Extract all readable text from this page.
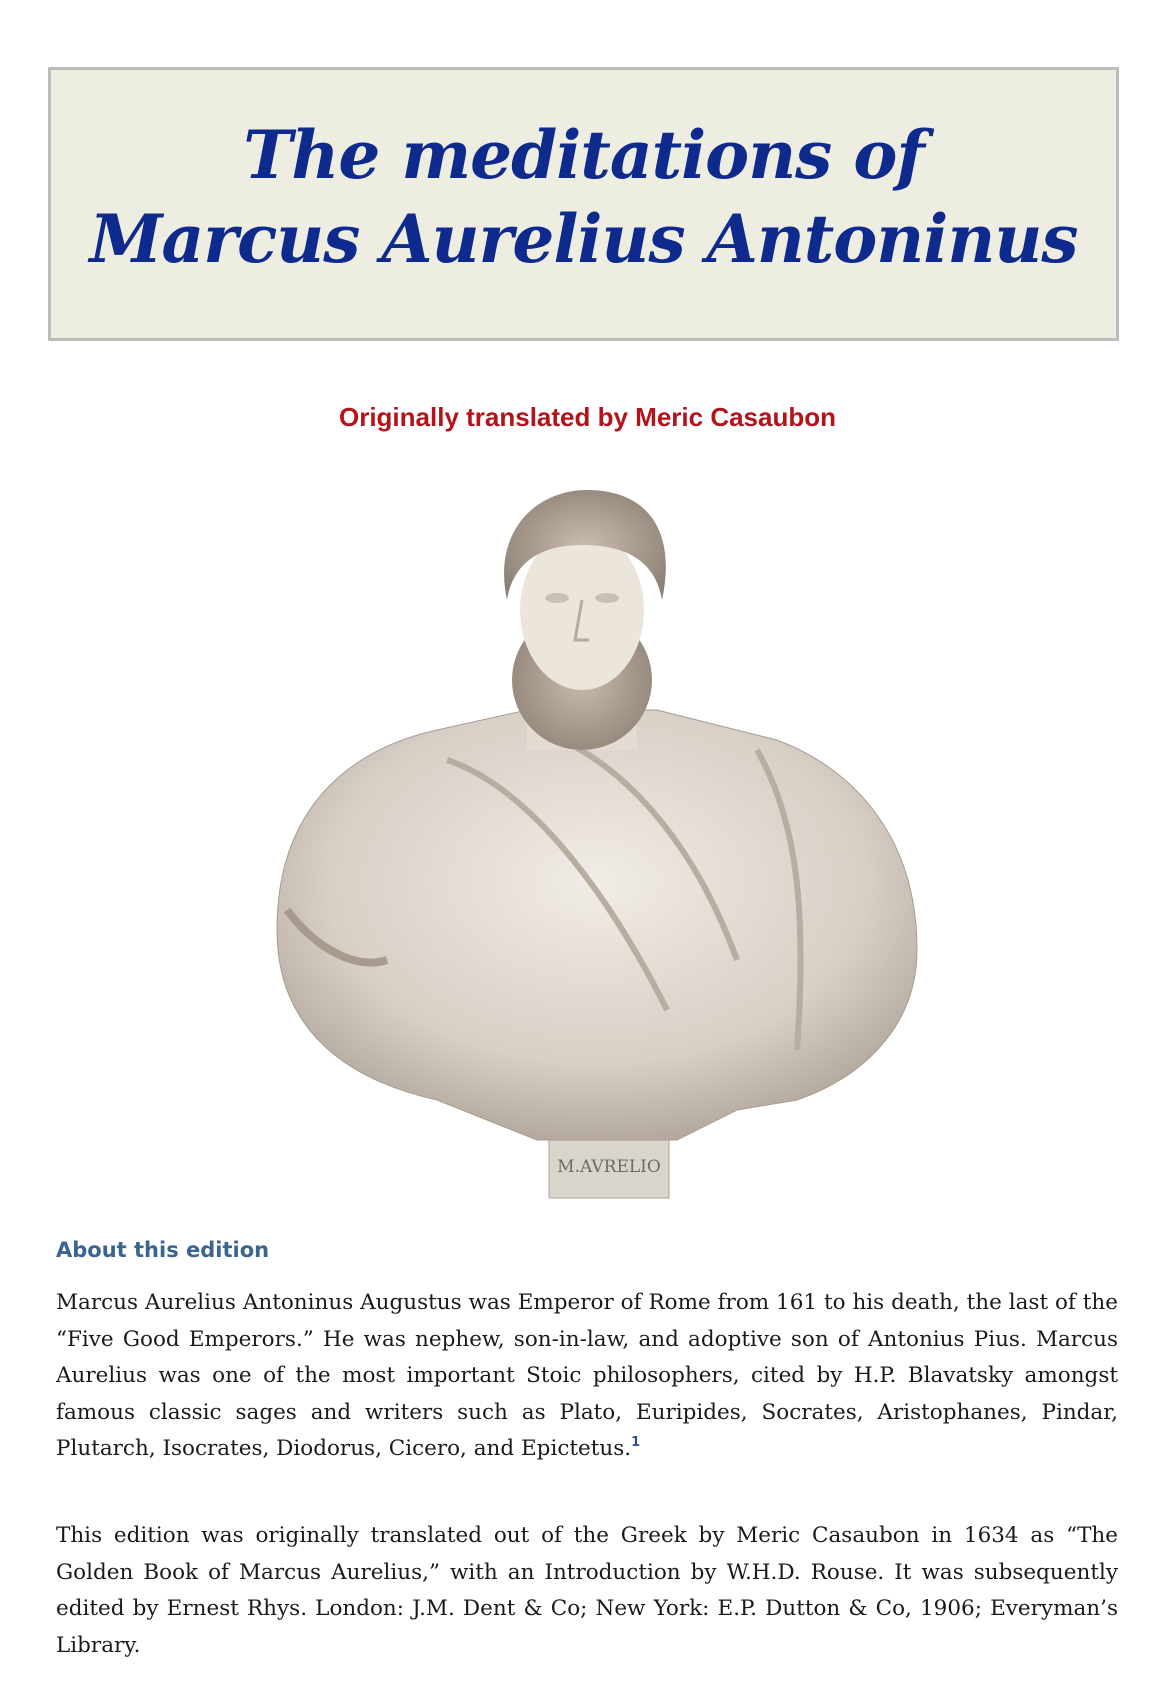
The meditations of
Marcus Aurelius Antoninus
Originally translated by Meric Casaubon
M.AVRELIO
About this edition

Marcus Aurelius Antoninus Augustus was Emperor of Rome from 161 to his death, the last of the “Five Good Emperors.” He was nephew, son-in-law, and adoptive son of Antonius Pius. Marcus Aurelius was one of the most important Stoic philosophers, cited by H.P. Blavatsky amongst famous classic sages and writers such as Plato, Euripides, Socrates, Aristophanes, Pindar, Plutarch, Isocrates, Diodorus, Cicero, and Epictetus.$^1$

This edition was originally translated out of the Greek by Meric Casaubon in 1634 as “The Golden Book of Marcus Aurelius,” with an Introduction by W.H.D. Rouse. It was subsequently edited by Ernest Rhys. London: J.M. Dent & Co; New York: E.P. Dutton & Co, 1906; Everyman’s Library.
